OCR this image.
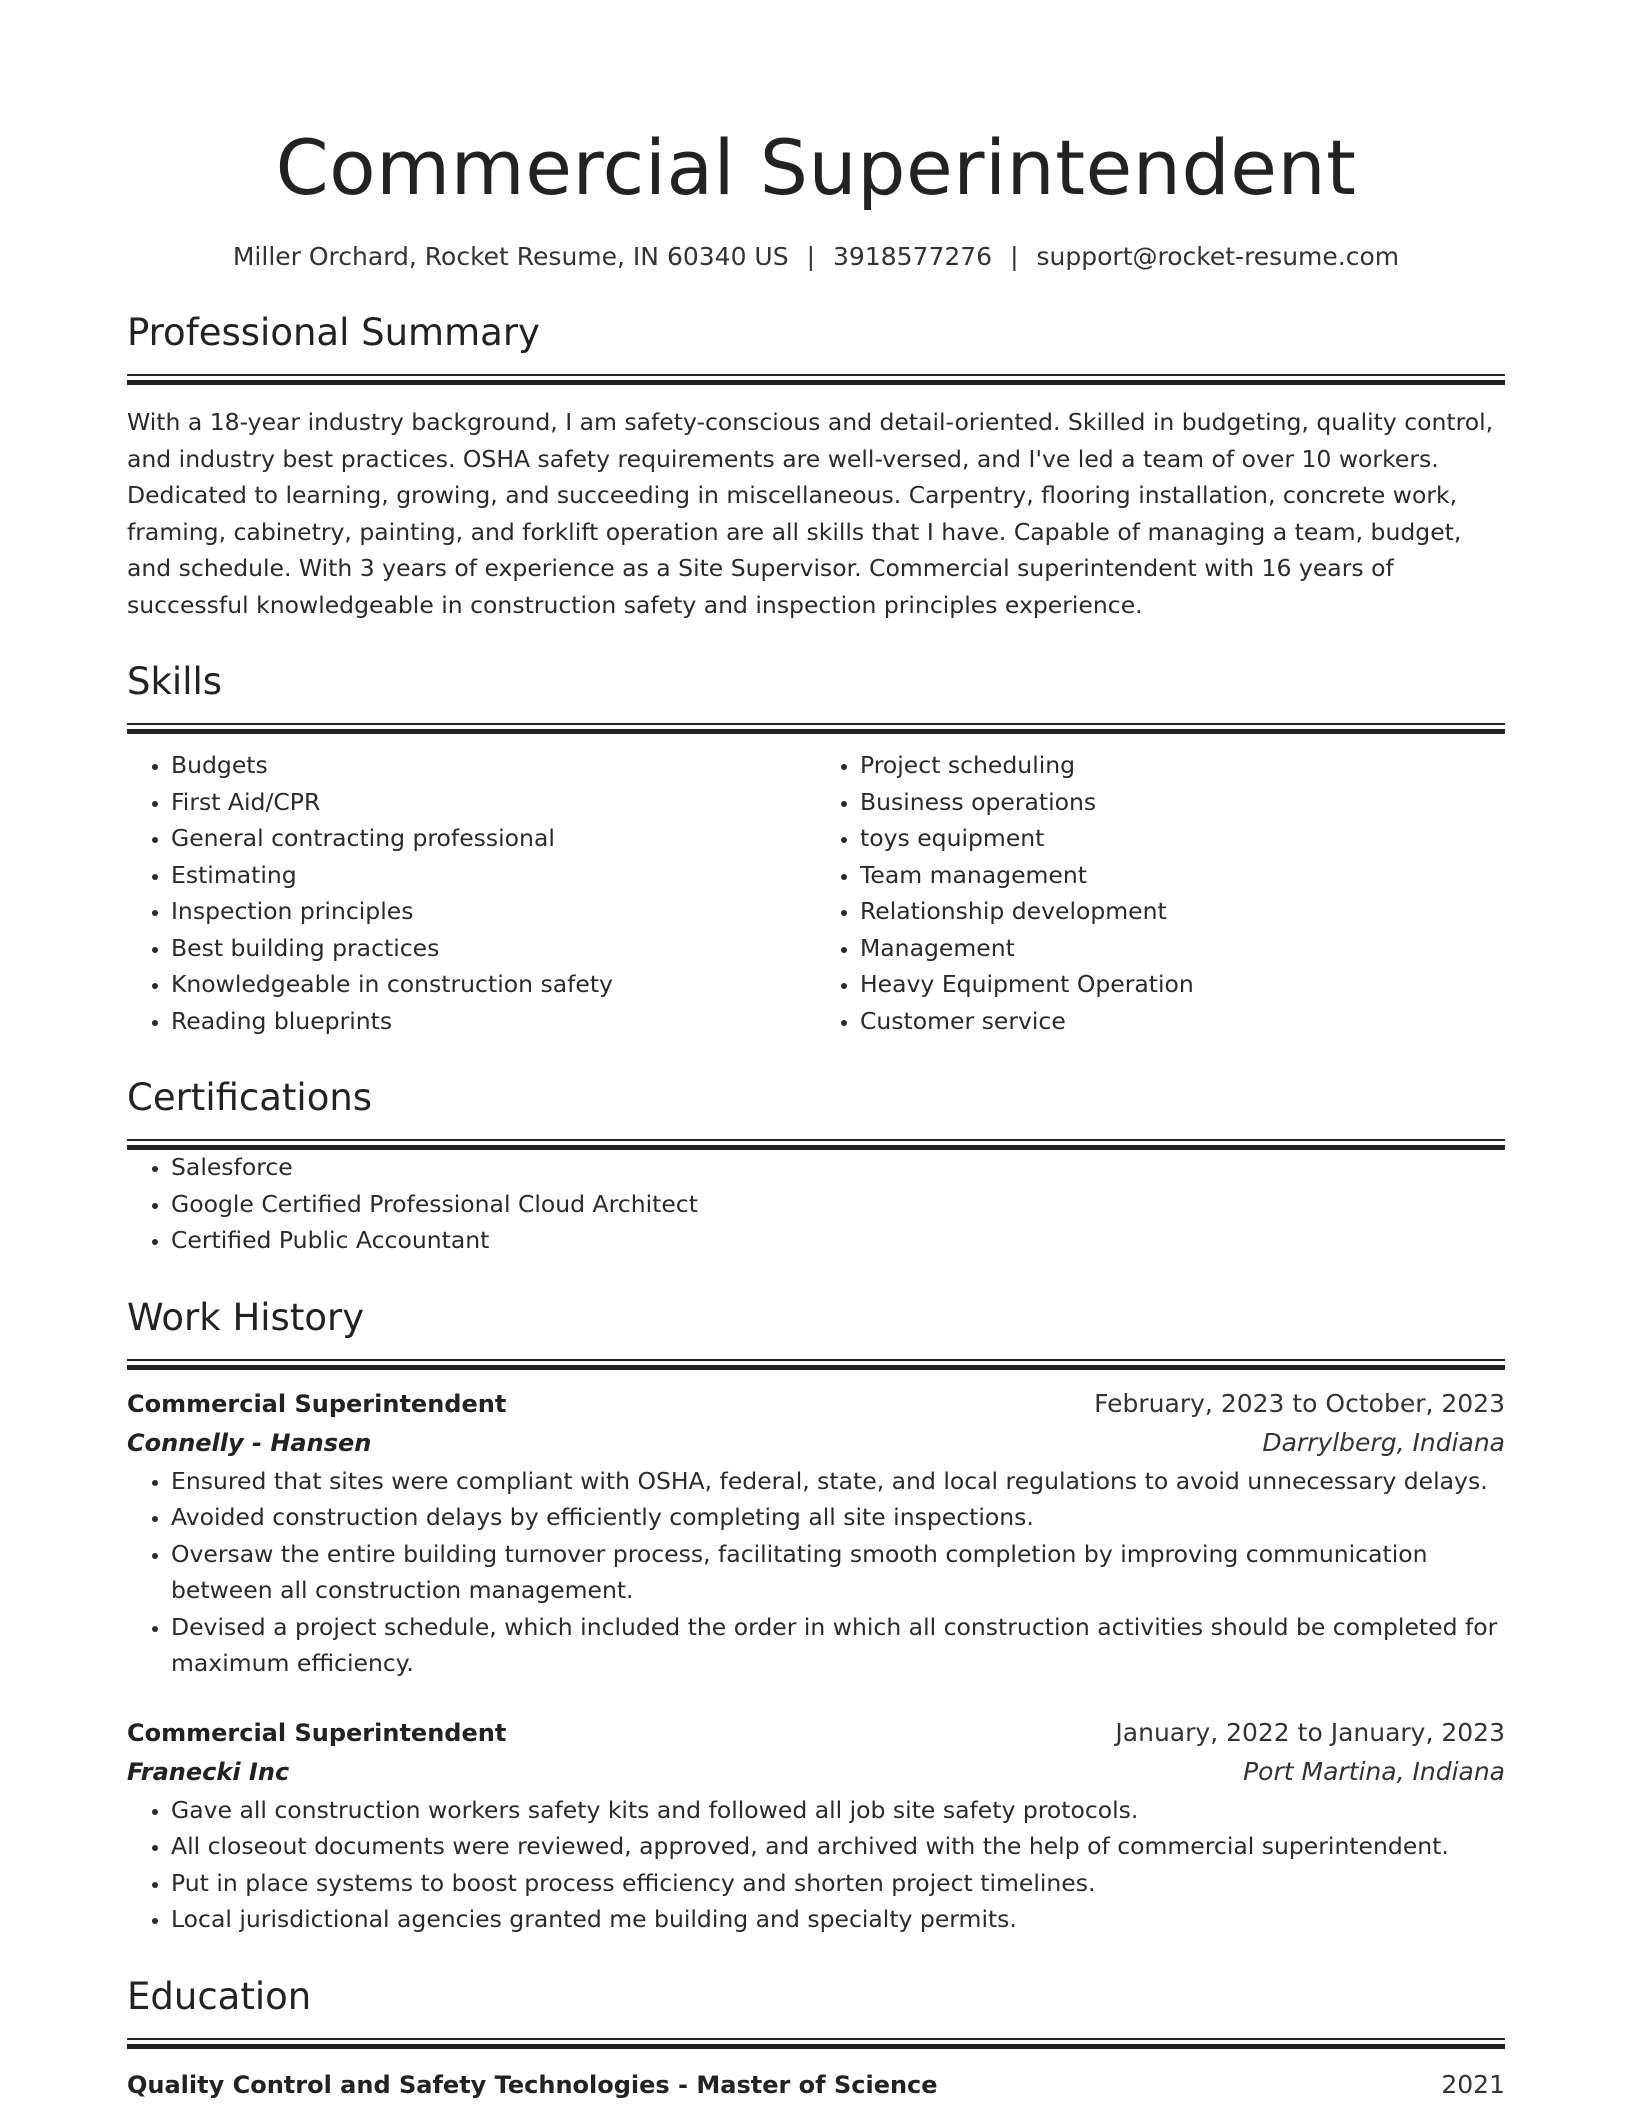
Commercial Superintendent
Miller Orchard, Rocket Resume, IN 60340 US | 3918577276 | support@rocket-resume.com
Professional Summary
With a 18-year industry background, I am safety-conscious and detail-oriented. Skilled in budgeting, quality control, and industry best practices. OSHA safety requirements are well-versed, and I've led a team of over 10 workers. Dedicated to learning, growing, and succeeding in miscellaneous. Carpentry, flooring installation, concrete work, framing, cabinetry, painting, and forklift operation are all skills that I have. Capable of managing a team, budget, and schedule. With 3 years of experience as a Site Supervisor. Commercial superintendent with 16 years of successful knowledgeable in construction safety and inspection principles experience.
Skills
• Budgets
• First Aid/CPR
• General contracting professional
• Estimating
• Inspection principles
• Best building practices
• Knowledgeable in construction safety
• Reading blueprints
• Project scheduling
• Business operations
• toys equipment
• Team management
• Relationship development
• Management
• Heavy Equipment Operation
• Customer service
Certifications
• Salesforce
• Google Certified Professional Cloud Architect
• Certified Public Accountant
Work History
Commercial Superintendent	February, 2023 to October, 2023
Connelly - Hansen	Darrylberg, Indiana
• Ensured that sites were compliant with OSHA, federal, state, and local regulations to avoid unnecessary delays.
• Avoided construction delays by efficiently completing all site inspections.
• Oversaw the entire building turnover process, facilitating smooth completion by improving communication between all construction management.
• Devised a project schedule, which included the order in which all construction activities should be completed for maximum efficiency.
Commercial Superintendent	January, 2022 to January, 2023
Franecki Inc	Port Martina, Indiana
• Gave all construction workers safety kits and followed all job site safety protocols.
• All closeout documents were reviewed, approved, and archived with the help of commercial superintendent.
• Put in place systems to boost process efficiency and shorten project timelines.
• Local jurisdictional agencies granted me building and specialty permits.
Education
Quality Control and Safety Technologies - Master of Science	2021
